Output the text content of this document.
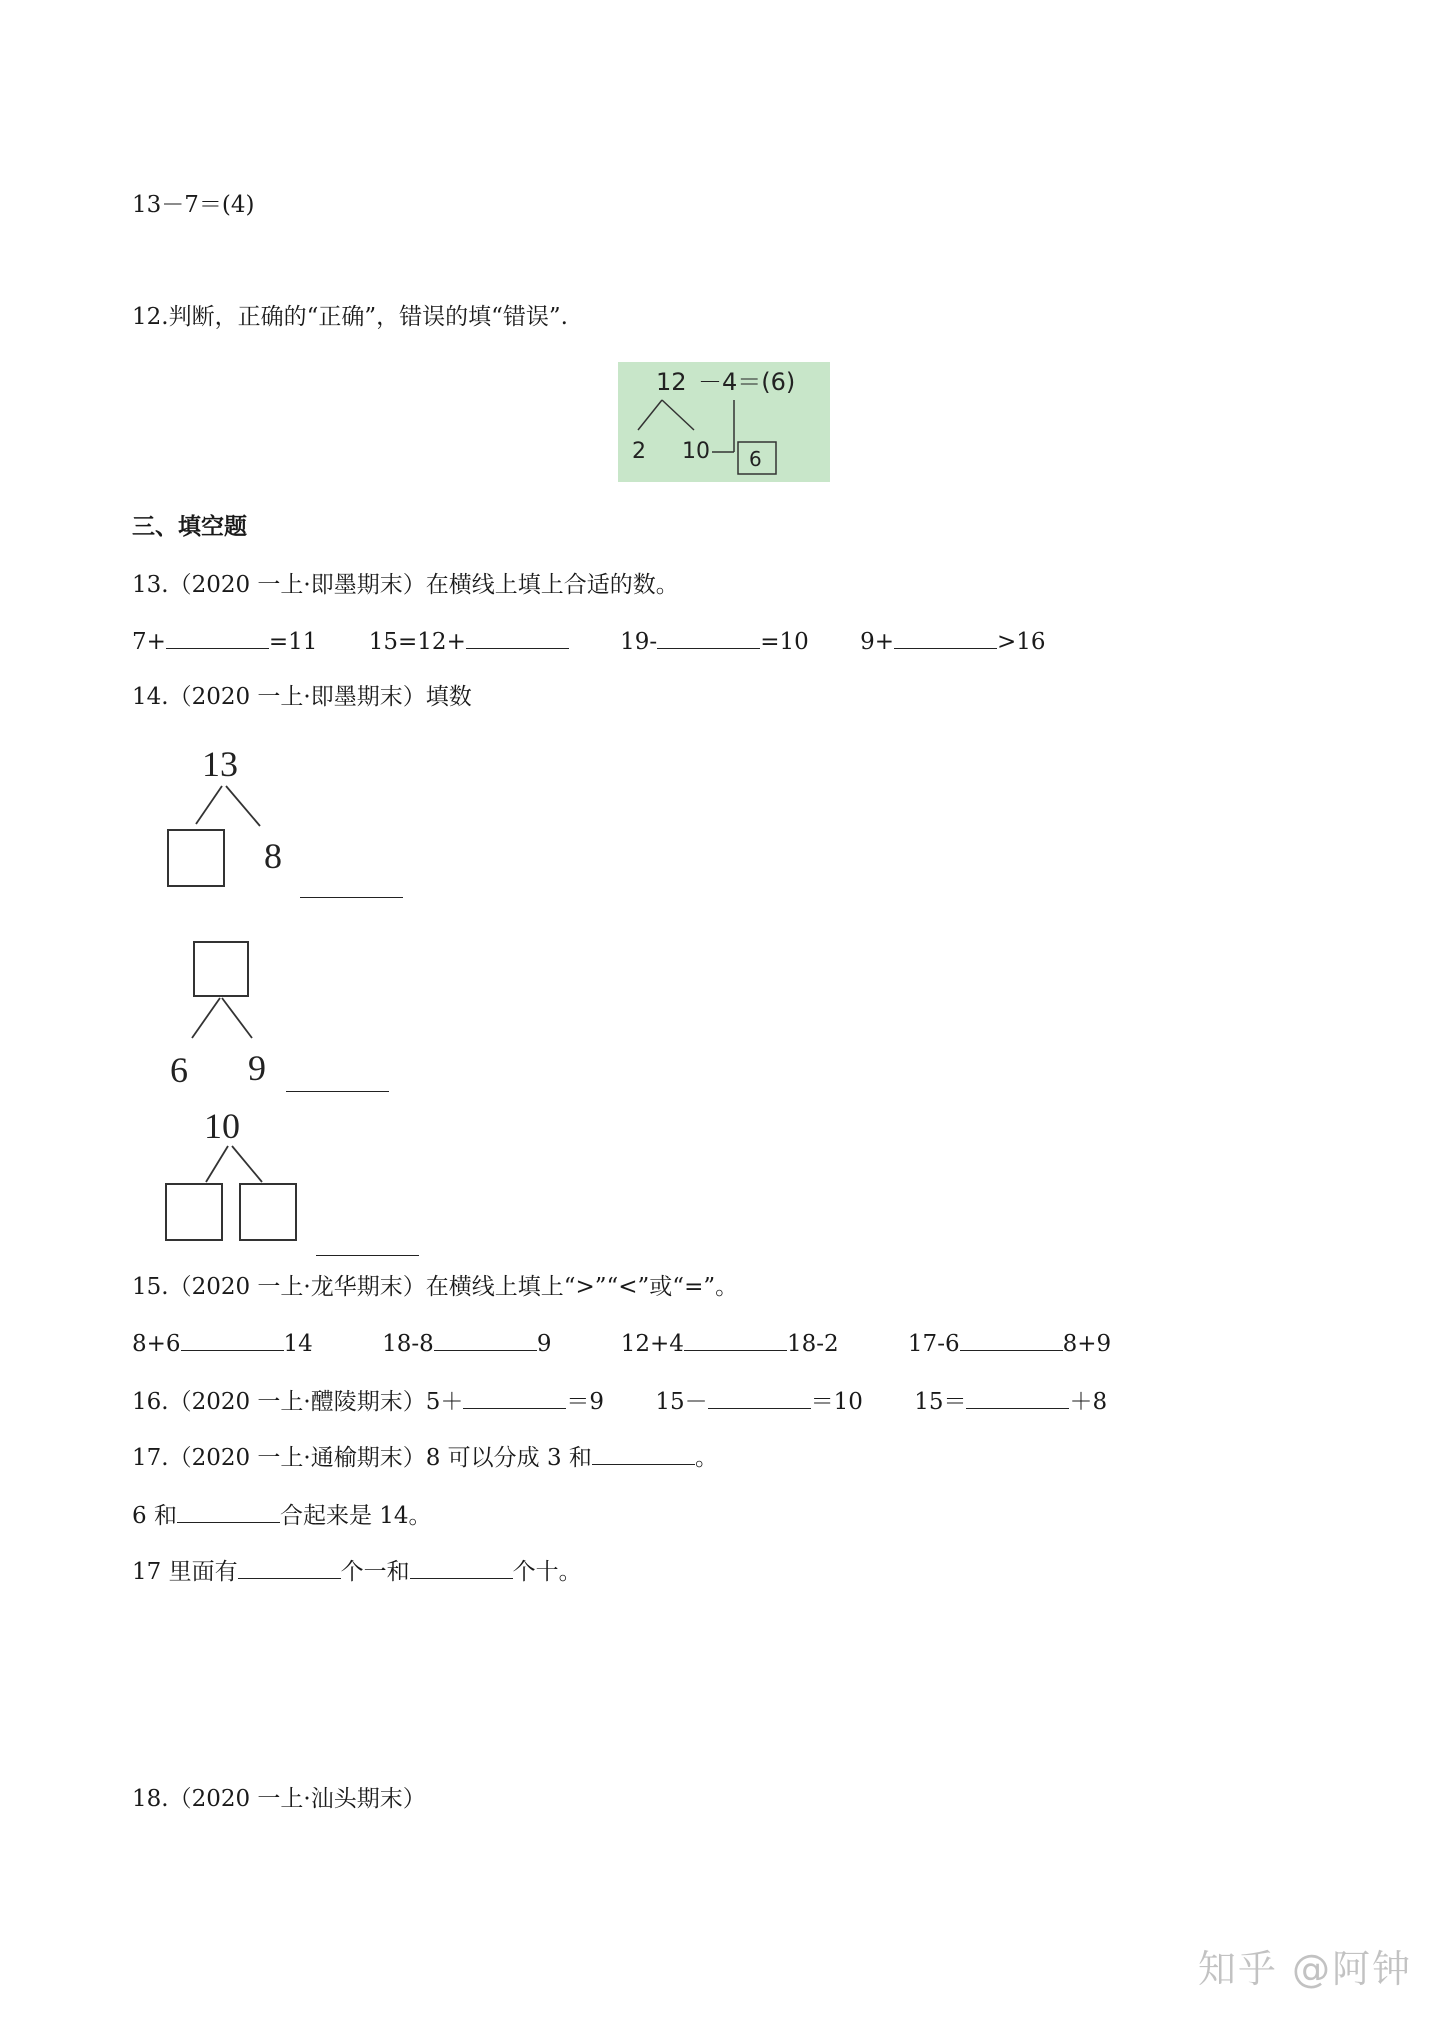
13－7＝(4)
12.判断，正确的“正确”，错误的填“错误”.
12 －4＝(6)
2 10 6
三、填空题
13.（2020 一上·即墨期末）在横线上填上合适的数。
7+	=11 15=12+	19-	=10 9+	>16
14.（2020 一上·即墨期末）填数
13
8
6 9
10
15.（2020 一上·龙华期末）在横线上填上“>”“<”或“=”。
8+6	14	18-8	9	12+4	18-2	17-6	8+9
16.（2020 一上·醴陵期末）5＋	＝9 15－	＝10 15＝	＋8
17.（2020 一上·通榆期末）8 可以分成 3 和	。
6 和	合起来是 14。
17 里面有	个一和	个十。
18.（2020 一上·汕头期末）
知乎 @阿钟
